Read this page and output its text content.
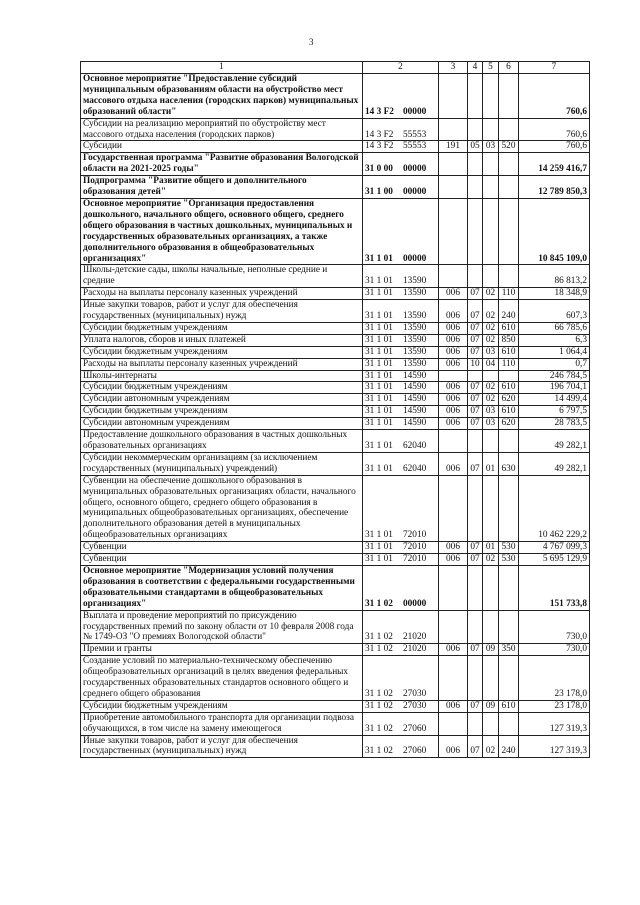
3
1	2	3	4	5	6	7
Основное мероприятие "Предоставление субсидий муниципальным образованиям области на обустройство мест массового отдыха населения (городских парков) муниципальных образований области"	14 3 F2 00000					760,6
Субсидии на реализацию мероприятий по обустройству мест массового отдыха населения (городских парков)	14 3 F2 55553					760,6
Субсидии	14 3 F2 55553	191	05	03	520	760,6
Государственная программа "Развитие образования Вологодской области на 2021-2025 годы"	31 0 00 00000					14 259 416,7
Подпрограмма "Развитие общего и дополнительного образования детей"	31 1 00 00000					12 789 850,3
Основное мероприятие "Организация предоставления дошкольного, начального общего, основного общего, среднего общего образования в частных дошкольных, муниципальных и государственных образовательных организациях, а также дополнительного образования в общеобразовательных организациях"	31 1 01 00000					10 845 109,0
Школы-детские сады, школы начальные, неполные средние и средние	31 1 01 13590					86 813,2
Расходы на выплаты персоналу казенных учреждений	31 1 01 13590	006	07	02	110	18 348,9
Иные закупки товаров, работ и услуг для обеспечения государственных (муниципальных) нужд	31 1 01 13590	006	07	02	240	607,3
Субсидии бюджетным учреждениям	31 1 01 13590	006	07	02	610	66 785,6
Уплата налогов, сборов и иных платежей	31 1 01 13590	006	07	02	850	6,3
Субсидии бюджетным учреждениям	31 1 01 13590	006	07	03	610	1 064,4
Расходы на выплаты персоналу казенных учреждений	31 1 01 13590	006	10	04	110	0,7
Школы-интернаты	31 1 01 14590					246 784,5
Субсидии бюджетным учреждениям	31 1 01 14590	006	07	02	610	196 704,1
Субсидии автономным учреждениям	31 1 01 14590	006	07	02	620	14 499,4
Субсидии бюджетным учреждениям	31 1 01 14590	006	07	03	610	6 797,5
Субсидии автономным учреждениям	31 1 01 14590	006	07	03	620	28 783,5
Предоставление дошкольного образования в частных дошкольных образовательных организациях	31 1 01 62040					49 282,1
Субсидии некоммерческим организациям (за исключением государственных (муниципальных) учреждений)	31 1 01 62040	006	07	01	630	49 282,1
Субвенции на обеспечение дошкольного образования в муниципальных образовательных организациях области, начального общего, основного общего, среднего общего образования в муниципальных общеобразовательных организациях, обеспечение дополнительного образования детей в муниципальных общеобразовательных организациях	31 1 01 72010					10 462 229,2
Субвенции	31 1 01 72010	006	07	01	530	4 767 099,3
Субвенции	31 1 01 72010	006	07	02	530	5 695 129,9
Основное мероприятие "Модернизация условий получения образования в соответствии с федеральными государственными образовательными стандартами в общеобразовательных организациях"	31 1 02 00000					151 733,8
Выплата и проведение мероприятий по присуждению государственных премий по закону области от 10 февраля 2008 года № 1749-ОЗ "О премиях Вологодской области"	31 1 02 21020					730,0
Премии и гранты	31 1 02 21020	006	07	09	350	730,0
Создание условий по материально-техническому обеспечению общеобразовательных организаций в целях введения федеральных государственных образовательных стандартов основного общего и среднего общего образования	31 1 02 27030					23 178,0
Субсидии бюджетным учреждениям	31 1 02 27030	006	07	09	610	23 178,0
Приобретение автомобильного транспорта для организации подвоза обучающихся, в том числе на замену имеющегося	31 1 02 27060					127 319,3
Иные закупки товаров, работ и услуг для обеспечения государственных (муниципальных) нужд	31 1 02 27060	006	07	02	240	127 319,3
